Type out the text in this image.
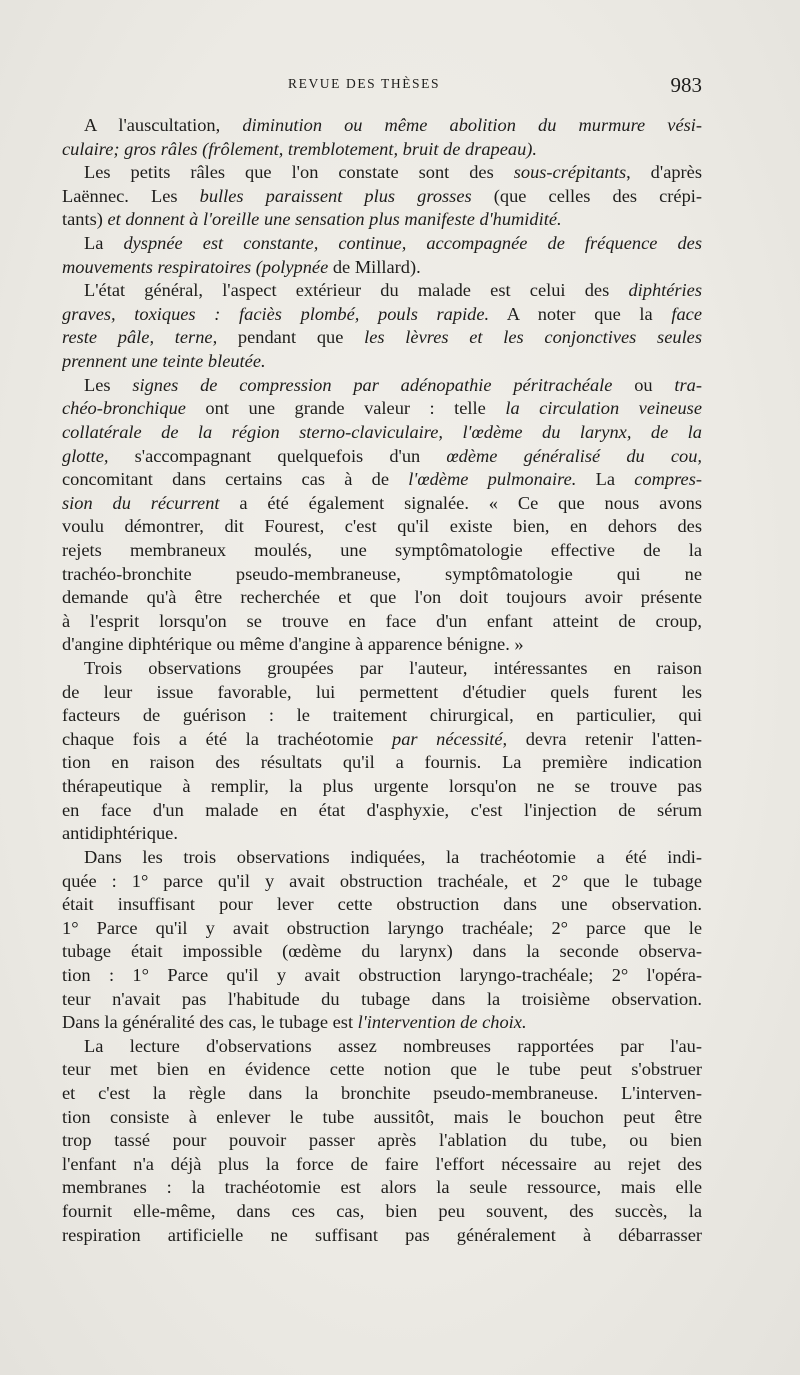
REVUE DES THÈSES	983
A l'auscultation, diminution ou même abolition du murmure vési-
culaire; gros râles (frôlement, tremblotement, bruit de drapeau).
Les petits râles que l'on constate sont des sous-crépitants, d'après
Laënnec. Les bulles paraissent plus grosses (que celles des crépi-
tants) et donnent à l'oreille une sensation plus manifeste d'humidité.
La dyspnée est constante, continue, accompagnée de fréquence des
mouvements respiratoires (polypnée de Millard).
L'état général, l'aspect extérieur du malade est celui des diphtéries
graves, toxiques : faciès plombé, pouls rapide. A noter que la face
reste pâle, terne, pendant que les lèvres et les conjonctives seules
prennent une teinte bleutée.
Les signes de compression par adénopathie péritrachéale ou tra-
chéo-bronchique ont une grande valeur : telle la circulation veineuse
collatérale de la région sterno-claviculaire, l'œdème du larynx, de la
glotte, s'accompagnant quelquefois d'un œdème généralisé du cou,
concomitant dans certains cas à de l'œdème pulmonaire. La compres-
sion du récurrent a été également signalée. « Ce que nous avons
voulu démontrer, dit Fourest, c'est qu'il existe bien, en dehors des
rejets membraneux moulés, une symptômatologie effective de la
trachéo-bronchite pseudo-membraneuse, symptômatologie qui ne
demande qu'à être recherchée et que l'on doit toujours avoir présente
à l'esprit lorsqu'on se trouve en face d'un enfant atteint de croup,
d'angine diphtérique ou même d'angine à apparence bénigne. »
Trois observations groupées par l'auteur, intéressantes en raison
de leur issue favorable, lui permettent d'étudier quels furent les
facteurs de guérison : le traitement chirurgical, en particulier, qui
chaque fois a été la trachéotomie par nécessité, devra retenir l'atten-
tion en raison des résultats qu'il a fournis. La première indication
thérapeutique à remplir, la plus urgente lorsqu'on ne se trouve pas
en face d'un malade en état d'asphyxie, c'est l'injection de sérum
antidiphtérique.
Dans les trois observations indiquées, la trachéotomie a été indi-
quée : 1° parce qu'il y avait obstruction trachéale, et 2° que le tubage
était insuffisant pour lever cette obstruction dans une observation.
1° Parce qu'il y avait obstruction laryngo trachéale; 2° parce que le
tubage était impossible (œdème du larynx) dans la seconde observa-
tion : 1° Parce qu'il y avait obstruction laryngo-trachéale; 2° l'opéra-
teur n'avait pas l'habitude du tubage dans la troisième observation.
Dans la généralité des cas, le tubage est l'intervention de choix.
La lecture d'observations assez nombreuses rapportées par l'au-
teur met bien en évidence cette notion que le tube peut s'obstruer
et c'est la règle dans la bronchite pseudo-membraneuse. L'interven-
tion consiste à enlever le tube aussitôt, mais le bouchon peut être
trop tassé pour pouvoir passer après l'ablation du tube, ou bien
l'enfant n'a déjà plus la force de faire l'effort nécessaire au rejet des
membranes : la trachéotomie est alors la seule ressource, mais elle
fournit elle-même, dans ces cas, bien peu souvent, des succès, la
respiration artificielle ne suffisant pas généralement à débarrasser
